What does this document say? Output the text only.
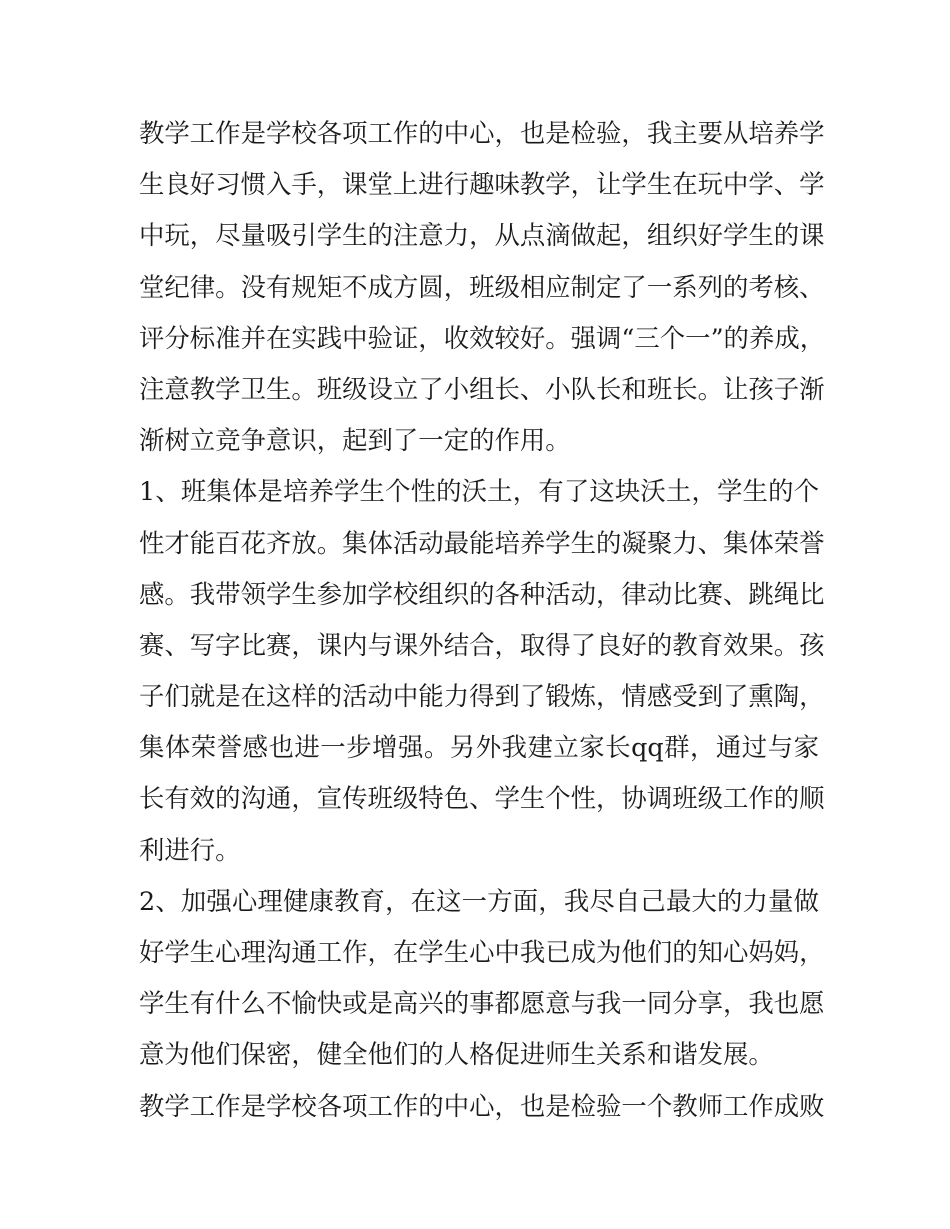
教学工作是学校各项工作的中心，也是检验，我主要从培养学
生良好习惯入手，课堂上进行趣味教学，让学生在玩中学、学
中玩，尽量吸引学生的注意力，从点滴做起，组织好学生的课
堂纪律。没有规矩不成方圆，班级相应制定了一系列的考核、
评分标准并在实践中验证，收效较好。强调“三个一”的养成，
注意教学卫生。班级设立了小组长、小队长和班长。让孩子渐
渐树立竞争意识，起到了一定的作用。
1、班集体是培养学生个性的沃土，有了这块沃土，学生的个
性才能百花齐放。集体活动最能培养学生的凝聚力、集体荣誉
感。我带领学生参加学校组织的各种活动，律动比赛、跳绳比
赛、写字比赛，课内与课外结合，取得了良好的教育效果。孩
子们就是在这样的活动中能力得到了锻炼，情感受到了熏陶，
集体荣誉感也进一步增强。另外我建立家长qq群，通过与家
长有效的沟通，宣传班级特色、学生个性，协调班级工作的顺
利进行。
2、加强心理健康教育，在这一方面，我尽自己最大的力量做
好学生心理沟通工作，在学生心中我已成为他们的知心妈妈，
学生有什么不愉快或是高兴的事都愿意与我一同分享，我也愿
意为他们保密，健全他们的人格促进师生关系和谐发展。
教学工作是学校各项工作的中心，也是检验一个教师工作成败
